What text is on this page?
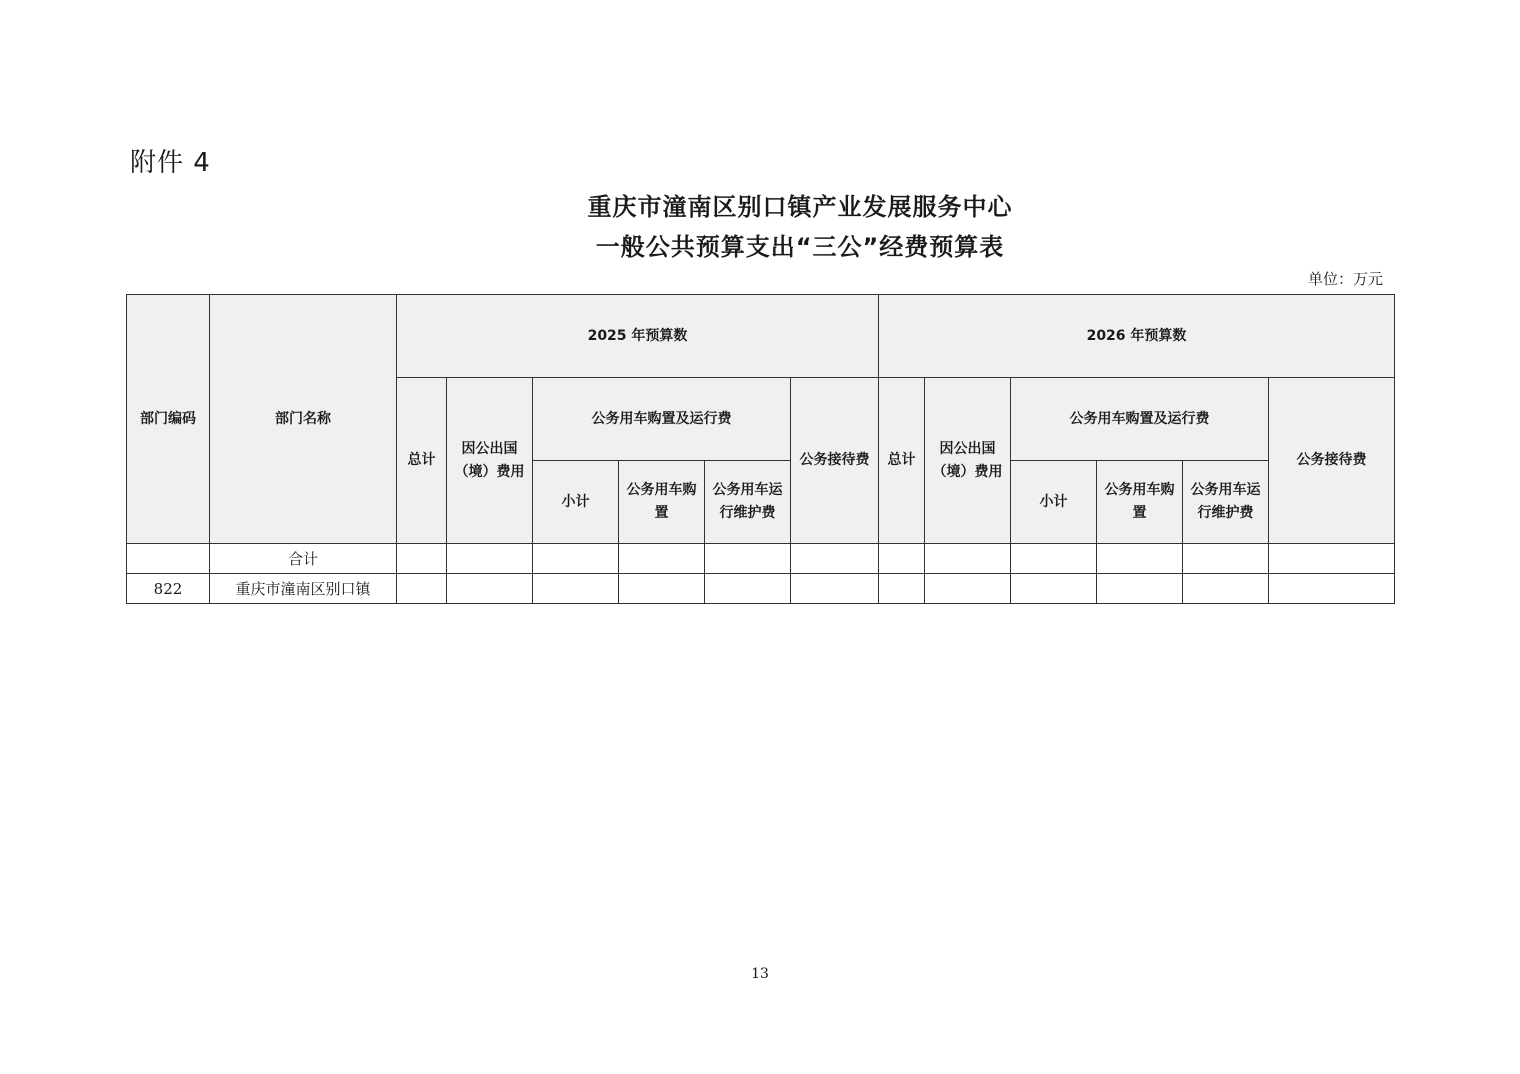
附件 4
重庆市潼南区别口镇产业发展服务中心
一般公共预算支出“三公”经费预算表
单位：万元
部门编码	部门名称	2025 年预算数						2026 年预算数					
		总计	因公出国（境）费用	公务用车购置及运行费			公务接待费	总计	因公出国（境）费用	公务用车购置及运行费			公务接待费
				小计	公务用车购置	公务用车运行维护费				小计	公务用车购置	公务用车运行维护费	
	合计												
822	重庆市潼南区别口镇												
13
